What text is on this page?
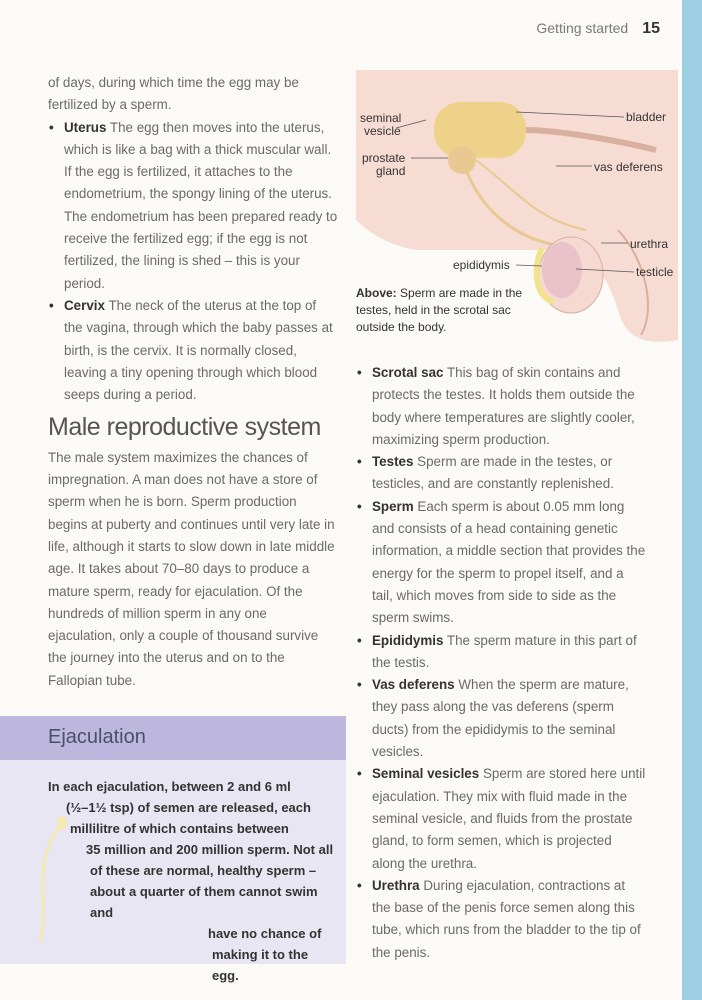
Getting started 15

of days, during which time the egg may be fertilized by a sperm.

• Uterus The egg then moves into the uterus, which is like a bag with a thick muscular wall. If the egg is fertilized, it attaches to the endometrium, the spongy lining of the uterus. The endometrium has been prepared ready to receive the fertilized egg; if the egg is not fertilized, the lining is shed – this is your period.
• Cervix The neck of the uterus at the top of the vagina, through which the baby passes at birth, is the cervix. It is normally closed, leaving a tiny opening through which blood seeps during a period.
Male reproductive system

The male system maximizes the chances of impregnation. A man does not have a store of sperm when he is born. Sperm production begins at puberty and continues until very late in life, although it starts to slow down in late middle age. It takes about 70–80 days to produce a mature sperm, ready for ejaculation. Of the hundreds of million sperm in any one ejaculation, only a couple of thousand survive the journey into the uterus and on to the Fallopian tube.

Ejaculation
In each ejaculation, between 2 and 6 ml
(½–1½ tsp) of semen are released, each
millilitre of which contains between
35 million and 200 million sperm. Not all
of these are normal, healthy sperm –
about a quarter of them cannot swim and
have no chance of
making it to the egg.
seminal
vesicle
prostate
gland
bladder
vas deferens
urethra
epididymis	testicle
Above: Sperm are made in the testes, held in the scrotal sac outside the body.
• Scrotal sac This bag of skin contains and protects the testes. It holds them outside the body where temperatures are slightly cooler, maximizing sperm production.
• Testes Sperm are made in the testes, or testicles, and are constantly replenished.
• Sperm Each sperm is about 0.05 mm long and consists of a head containing genetic information, a middle section that provides the energy for the sperm to propel itself, and a tail, which moves from side to side as the sperm swims.
• Epididymis The sperm mature in this part of the testis.
• Vas deferens When the sperm are mature, they pass along the vas deferens (sperm ducts) from the epididymis to the seminal vesicles.
• Seminal vesicles Sperm are stored here until ejaculation. They mix with fluid made in the seminal vesicle, and fluids from the prostate gland, to form semen, which is projected along the urethra.
• Urethra During ejaculation, contractions at the base of the penis force semen along this tube, which runs from the bladder to the tip of the penis.
